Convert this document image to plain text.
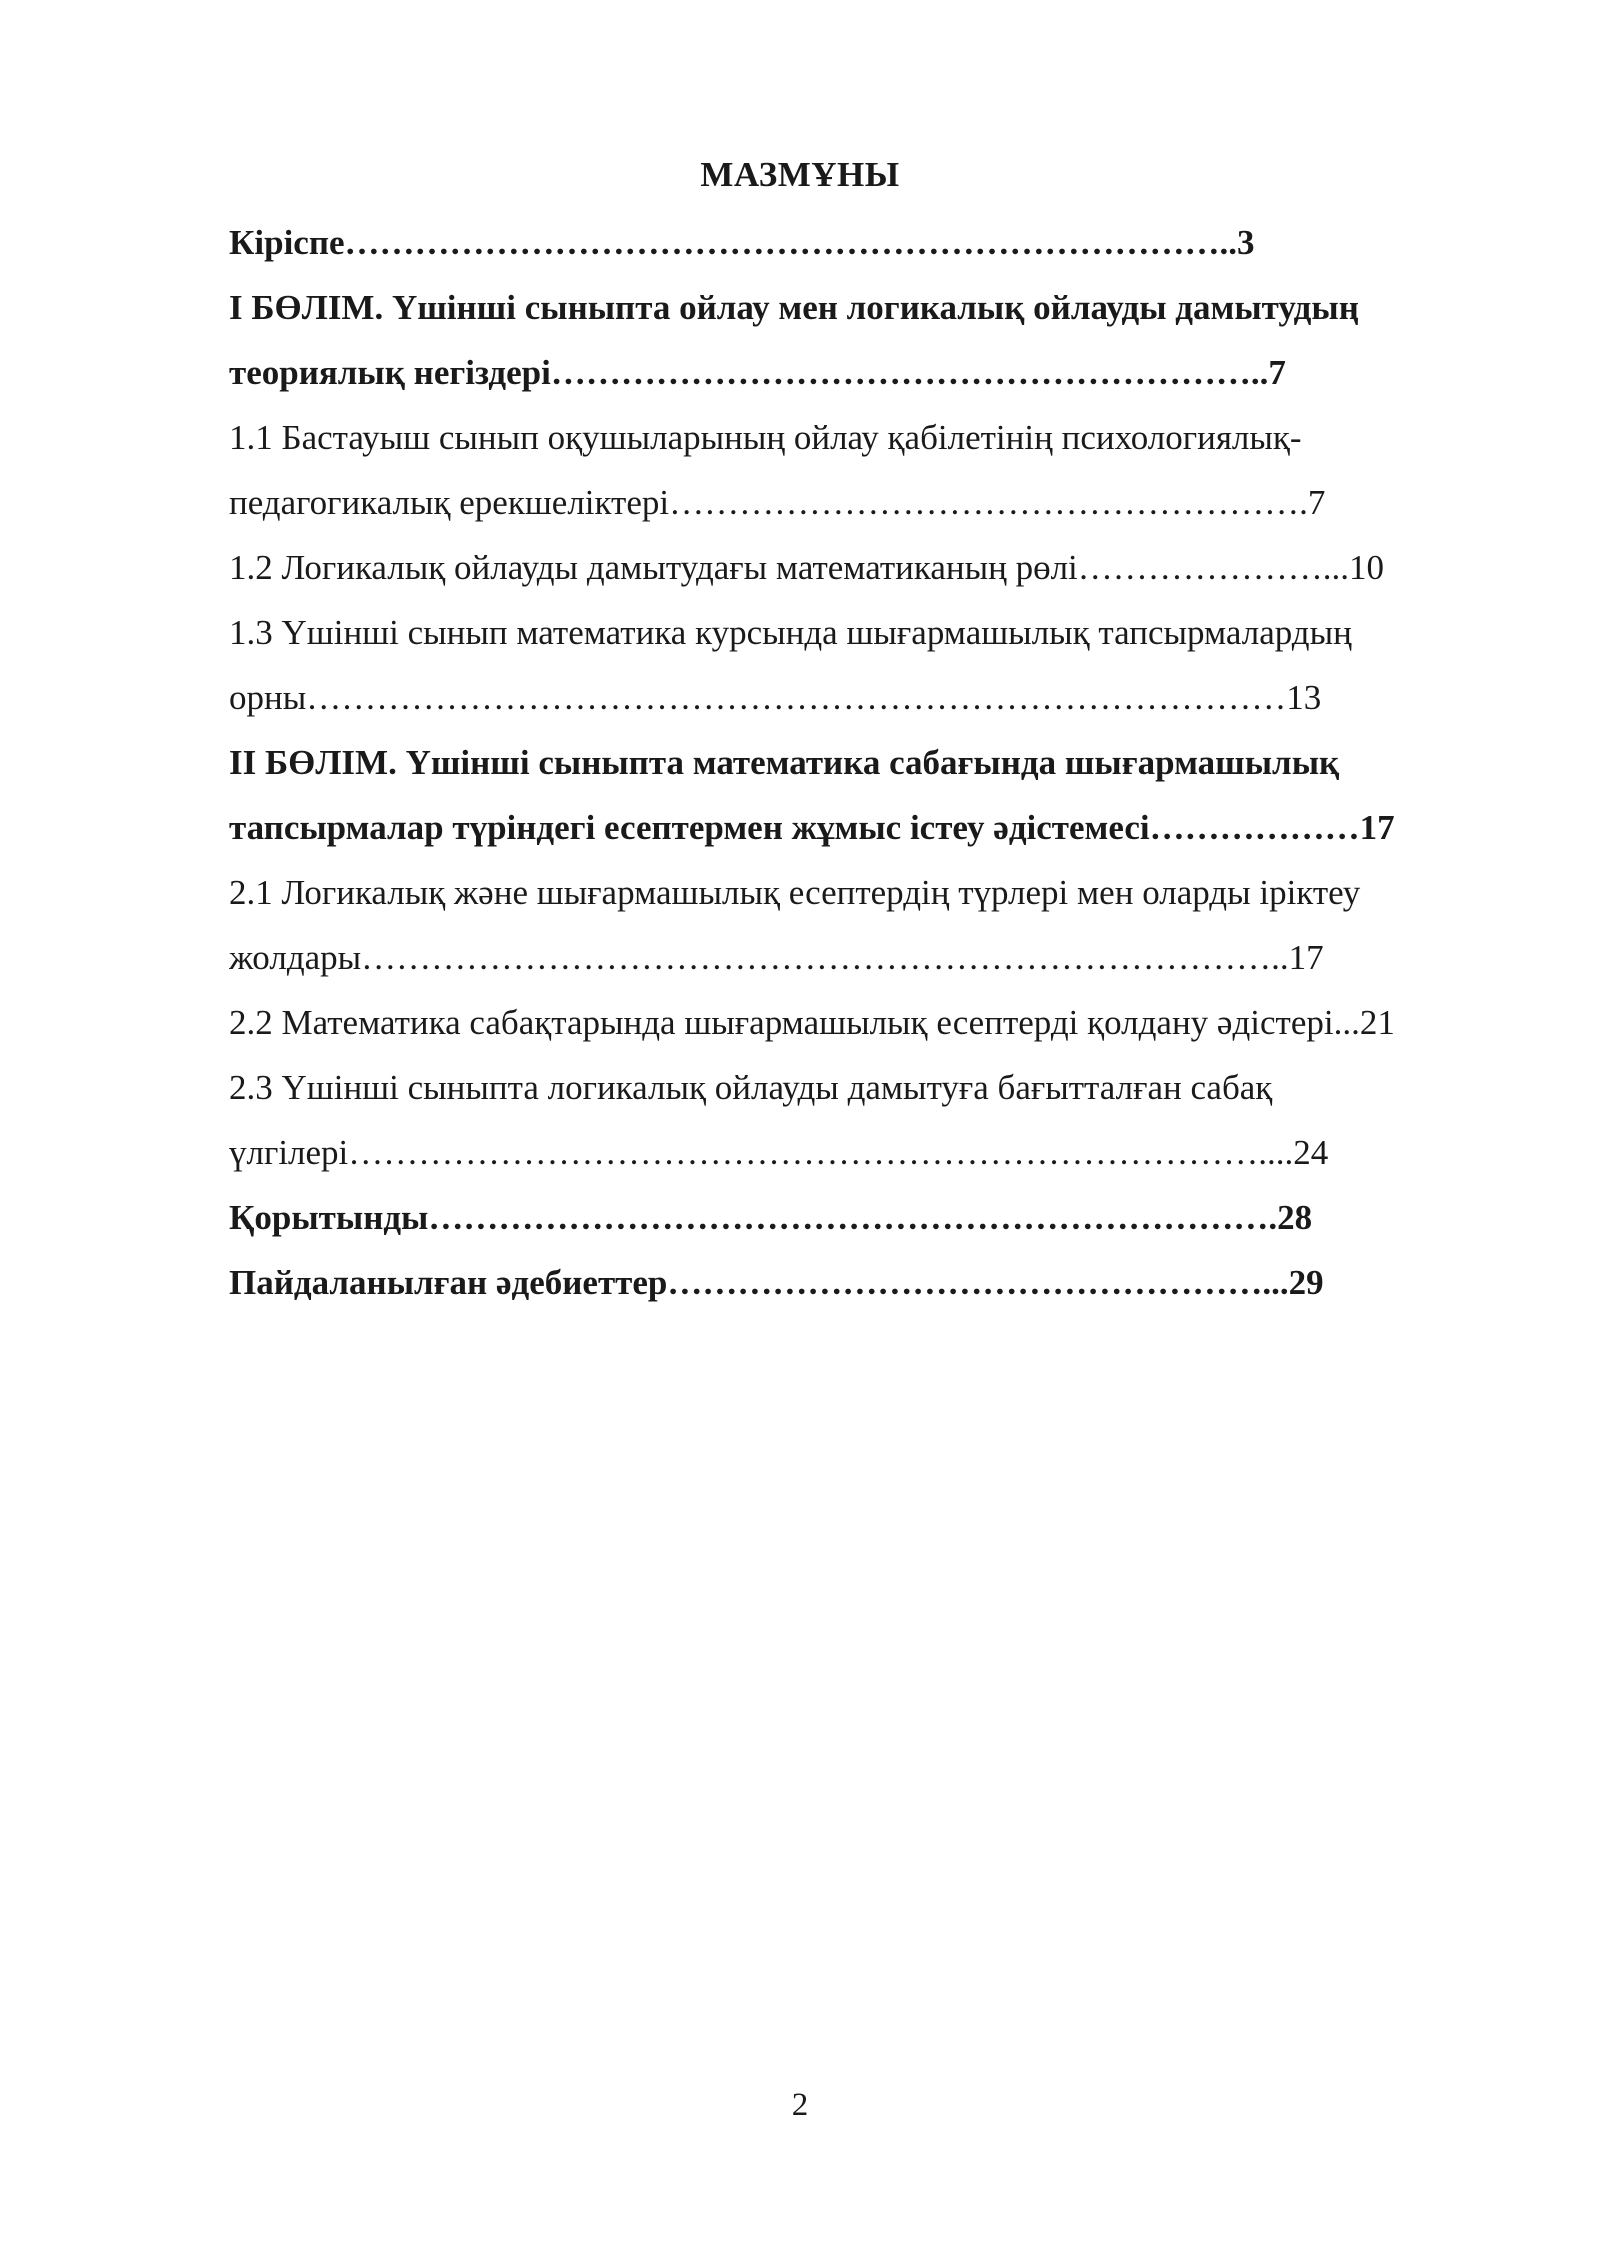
МАЗМҰНЫ
Кіріспе…………………………………………………………………..3
І БӨЛІМ. Үшінші сыныпта ойлау мен логикалық ойлауды дамытудың
теориялық негіздері……………………………………………………..7
1.1 Бастауыш сынып оқушыларының ойлау қабілетінің психологиялық-
педагогикалық ерекшеліктері……………………………………………….7
1.2 Логикалық ойлауды дамытудағы математиканың рөлі…………………...10
1.3 Үшінші сынып математика курсында шығармашылық тапсырмалардың
орны…………………………………………………………………………13
ІІ БӨЛІМ. Үшінші сыныпта математика сабағында шығармашылық
тапсырмалар түріндегі есептермен жұмыс істеу әдістемесі………………17
2.1 Логикалық және шығармашылық есептердің түрлері мен оларды іріктеу
жолдары……………………………………………………………………..17
2.2 Математика сабақтарында шығармашылық есептерді қолдану әдістері...21
2.3 Үшінші сыныпта логикалық ойлауды дамытуға бағытталған сабақ
үлгілері……………………………………………………………………....24
Қорытынды……………………………………………………………….28
Пайдаланылған әдебиеттер……………………………………………...29
2
